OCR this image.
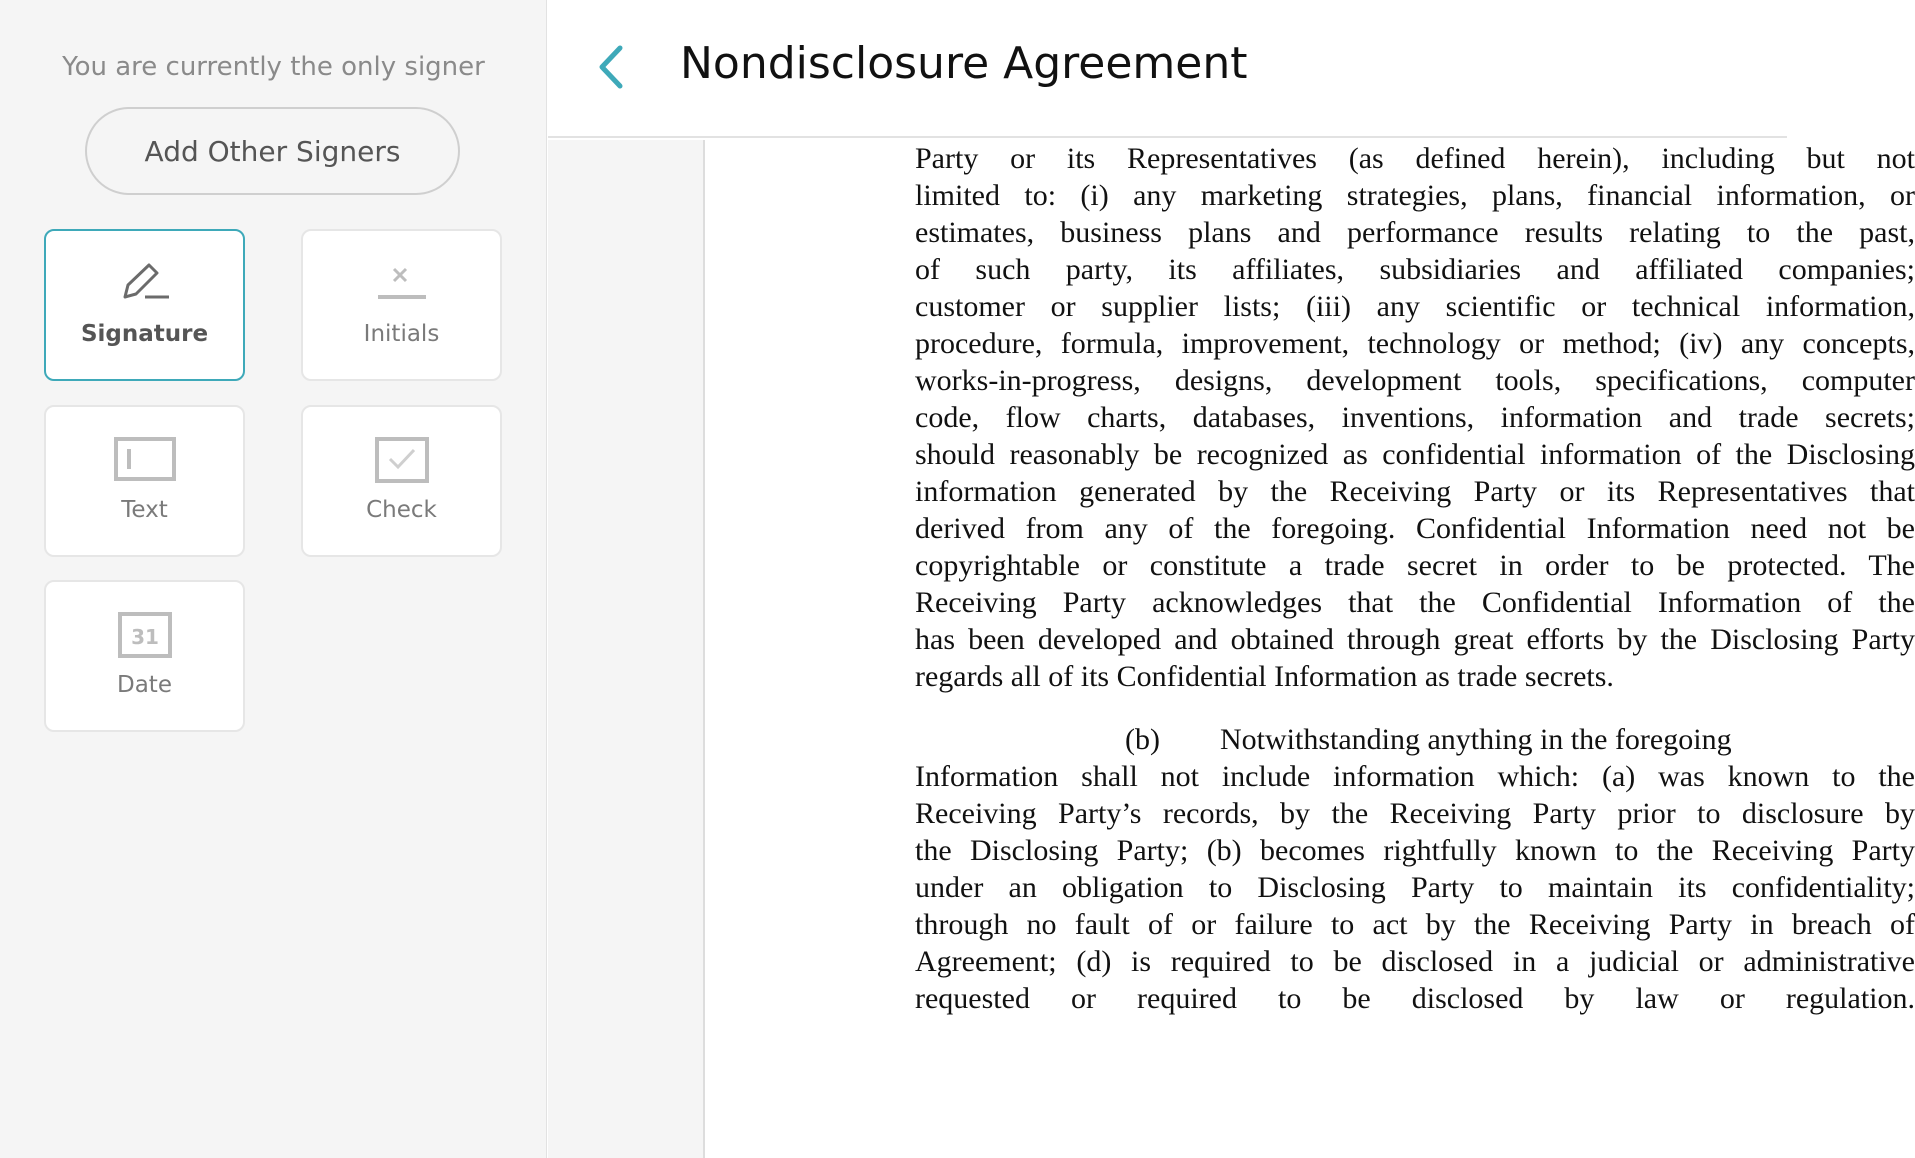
You are currently the only signer
Add Other Signers
Signature	Initials
Text	Check
31
Date
Nondisclosure Agreement
Party or its Representatives (as defined herein), including but not
limited to: (i) any marketing strategies, plans, financial information, or
estimates, business plans and performance results relating to the past,
of such party, its affiliates, subsidiaries and affiliated companies;
customer or supplier lists; (iii) any scientific or technical information,
procedure, formula, improvement, technology or method; (iv) any concepts,
works-in-progress, designs, development tools, specifications, computer
code, flow charts, databases, inventions, information and trade secrets;
should reasonably be recognized as confidential information of the Disclosing
information generated by the Receiving Party or its Representatives that
derived from any of the foregoing. Confidential Information need not be
copyrightable or constitute a trade secret in order to be protected. The
Receiving Party acknowledges that the Confidential Information of the
has been developed and obtained through great efforts by the Disclosing Party
regards all of its Confidential Information as trade secrets.
(b)        Notwithstanding anything in the foregoing
Information shall not include information which: (a) was known to the
Receiving Party’s records, by the Receiving Party prior to disclosure by
the Disclosing Party; (b) becomes rightfully known to the Receiving Party
under an obligation to Disclosing Party to maintain its confidentiality;
through no fault of or failure to act by the Receiving Party in breach of
Agreement; (d) is required to be disclosed in a judicial or administrative
requested or required to be disclosed by law or regulation.
